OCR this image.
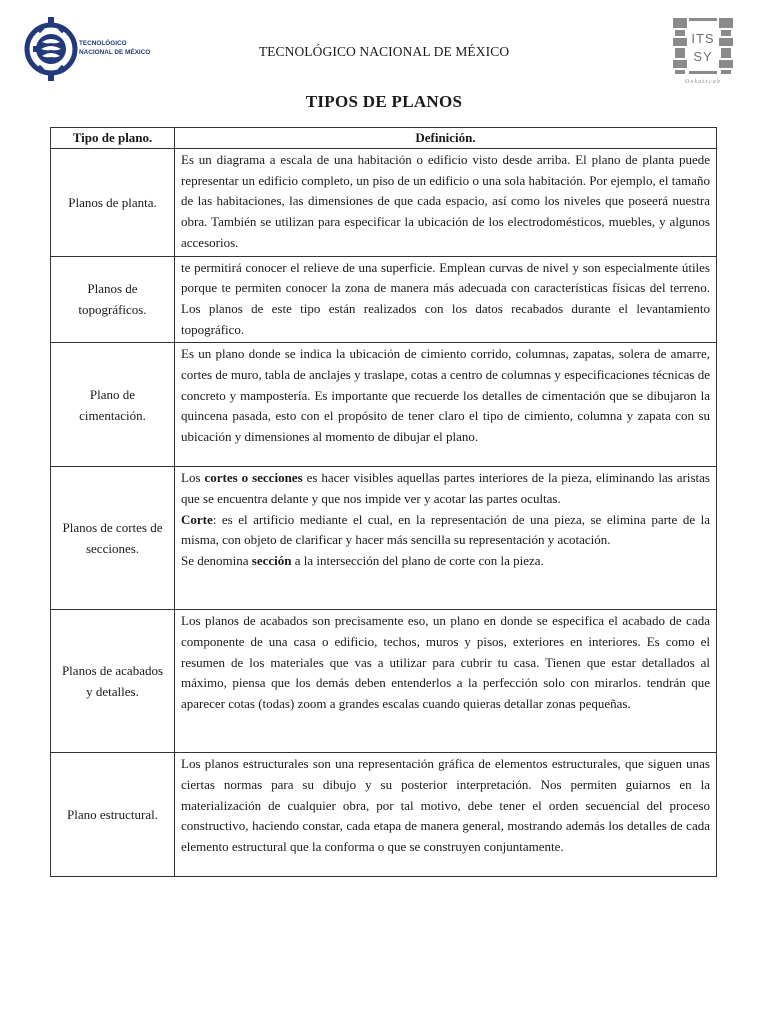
TECNOLÓGICO
NACIONAL DE MÉXICO	TECNOLÓGICO NACIONAL DE MÉXICO
ITS
SY
Oxkutzcab
TIPOS DE PLANOS
Tipo de plano.	Definición.
Planos de planta.	Es un diagrama a escala de una habitación o edificio visto desde arriba. El plano de planta puede representar un edificio completo, un piso de un edificio o una sola habitación. Por ejemplo, el tamaño de las habitaciones, las dimensiones de que cada espacio, así como los niveles que poseerá nuestra obra. También se utilizan para especificar la ubicación de los electrodomésticos, muebles, y algunos accesorios.

Planos de topográficos.	te permitirá conocer el relieve de una superficie. Emplean curvas de nivel y son especialmente útiles porque te permiten conocer la zona de manera más adecuada con características físicas del terreno. Los planos de este tipo están realizados con los datos recabados durante el levantamiento topográfico.

Plano de cimentación.	Es un plano donde se indica la ubicación de cimiento corrido, columnas, zapatas, solera de amarre, cortes de muro, tabla de anclajes y traslape, cotas a centro de columnas y especificaciones técnicas de concreto y mampostería. Es importante que recuerde los detalles de cimentación que se dibujaron la quincena pasada, esto con el propósito de tener claro el tipo de cimiento, columna y zapata con su ubicación y dimensiones al momento de dibujar el plano.

Planos de cortes de secciones.	Los cortes o secciones es hacer visibles aquellas partes interiores de la pieza, eliminando las aristas que se encuentra delante y que nos impide ver y acotar las partes ocultas.
Corte: es el artificio mediante el cual, en la representación de una pieza, se elimina parte de la misma, con objeto de clarificar y hacer más sencilla su representación y acotación.
Se denomina sección a la intersección del plano de corte con la pieza.

Planos de acabados y detalles.	Los planos de acabados son precisamente eso, un plano en donde se especifica el acabado de cada componente de una casa o edificio, techos, muros y pisos, exteriores en interiores. Es como el resumen de los materiales que vas a utilizar para cubrir tu casa. Tienen que estar detallados al máximo, piensa que los demás deben entenderlos a la perfección solo con mirarlos. tendrán que aparecer cotas (todas) zoom a grandes escalas cuando quieras detallar zonas pequeñas.

Plano estructural.	Los planos estructurales son una representación gráfica de elementos estructurales, que siguen unas ciertas normas para su dibujo y su posterior interpretación. Nos permiten guiarnos en la materialización de cualquier obra, por tal motivo, debe tener el orden secuencial del proceso constructivo, haciendo constar, cada etapa de manera general, mostrando además los detalles de cada elemento estructural que la conforma o que se construyen conjuntamente.
